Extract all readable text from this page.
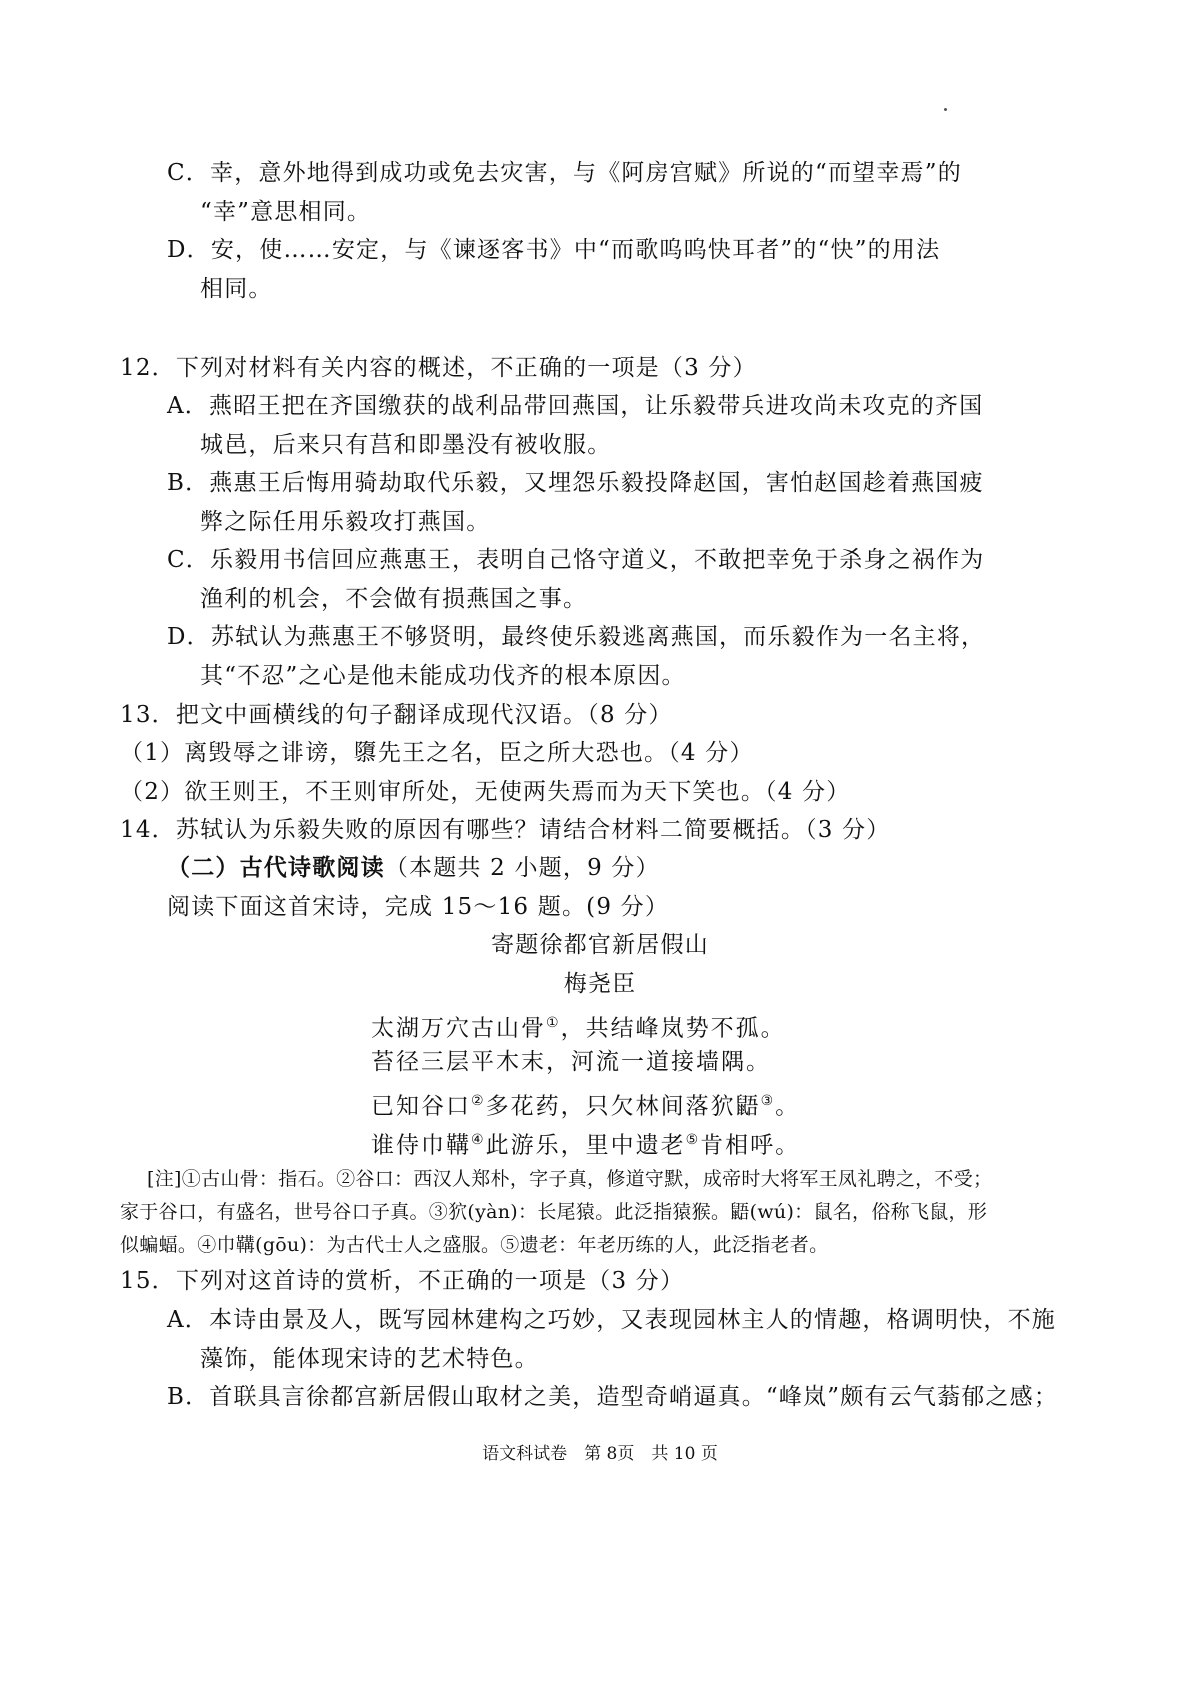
C．幸，意外地得到成功或免去灾害，与《阿房宫赋》所说的“而望幸焉”的
“幸”意思相同。
D．安，使……安定，与《谏逐客书》中“而歌呜呜快耳者”的“快”的用法
相同。
12．下列对材料有关内容的概述，不正确的一项是（3 分）
A．燕昭王把在齐国缴获的战利品带回燕国，让乐毅带兵进攻尚未攻克的齐国
城邑，后来只有莒和即墨没有被收服。
B．燕惠王后悔用骑劫取代乐毅，又埋怨乐毅投降赵国，害怕赵国趁着燕国疲
弊之际任用乐毅攻打燕国。
C．乐毅用书信回应燕惠王，表明自己恪守道义，不敢把幸免于杀身之祸作为
渔利的机会，不会做有损燕国之事。
D．苏轼认为燕惠王不够贤明，最终使乐毅逃离燕国，而乐毅作为一名主将，
其“不忍”之心是他未能成功伐齐的根本原因。
13．把文中画横线的句子翻译成现代汉语。（8 分）
（1）离毁辱之诽谤，隳先王之名，臣之所大恐也。（4 分）
（2）欲王则王，不王则审所处，无使两失焉而为天下笑也。（4 分）
14．苏轼认为乐毅失败的原因有哪些？请结合材料二简要概括。（3 分）
（二）古代诗歌阅读（本题共 2 小题，9 分）
阅读下面这首宋诗，完成 15～16 题。(9 分）
寄题徐都官新居假山
梅尧臣
太湖万穴古山骨①，共结峰岚势不孤。
苔径三层平木末，河流一道接墙隅。
已知谷口②多花药，只欠林间落狖鼯③。
谁侍巾鞲④此游乐，里中遗老⑤肯相呼。
[注]①古山骨：指石。②谷口：西汉人郑朴，字子真，修道守默，成帝时大将军王凤礼聘之，不受；
家于谷口，有盛名，世号谷口子真。③狖(yàn)：长尾猿。此泛指猿猴。鼯(wú)：鼠名，俗称飞鼠，形
似蝙蝠。④巾鞲(gōu)：为古代士人之盛服。⑤遗老：年老历练的人，此泛指老者。
15．下列对这首诗的赏析，不正确的一项是（3 分）
A．本诗由景及人，既写园林建构之巧妙，又表现园林主人的情趣，格调明快，不施
藻饰，能体现宋诗的艺术特色。
B．首联具言徐都宫新居假山取材之美，造型奇峭逼真。“峰岚”颇有云气蓊郁之感；
语文科试卷　第 8页　共 10 页
